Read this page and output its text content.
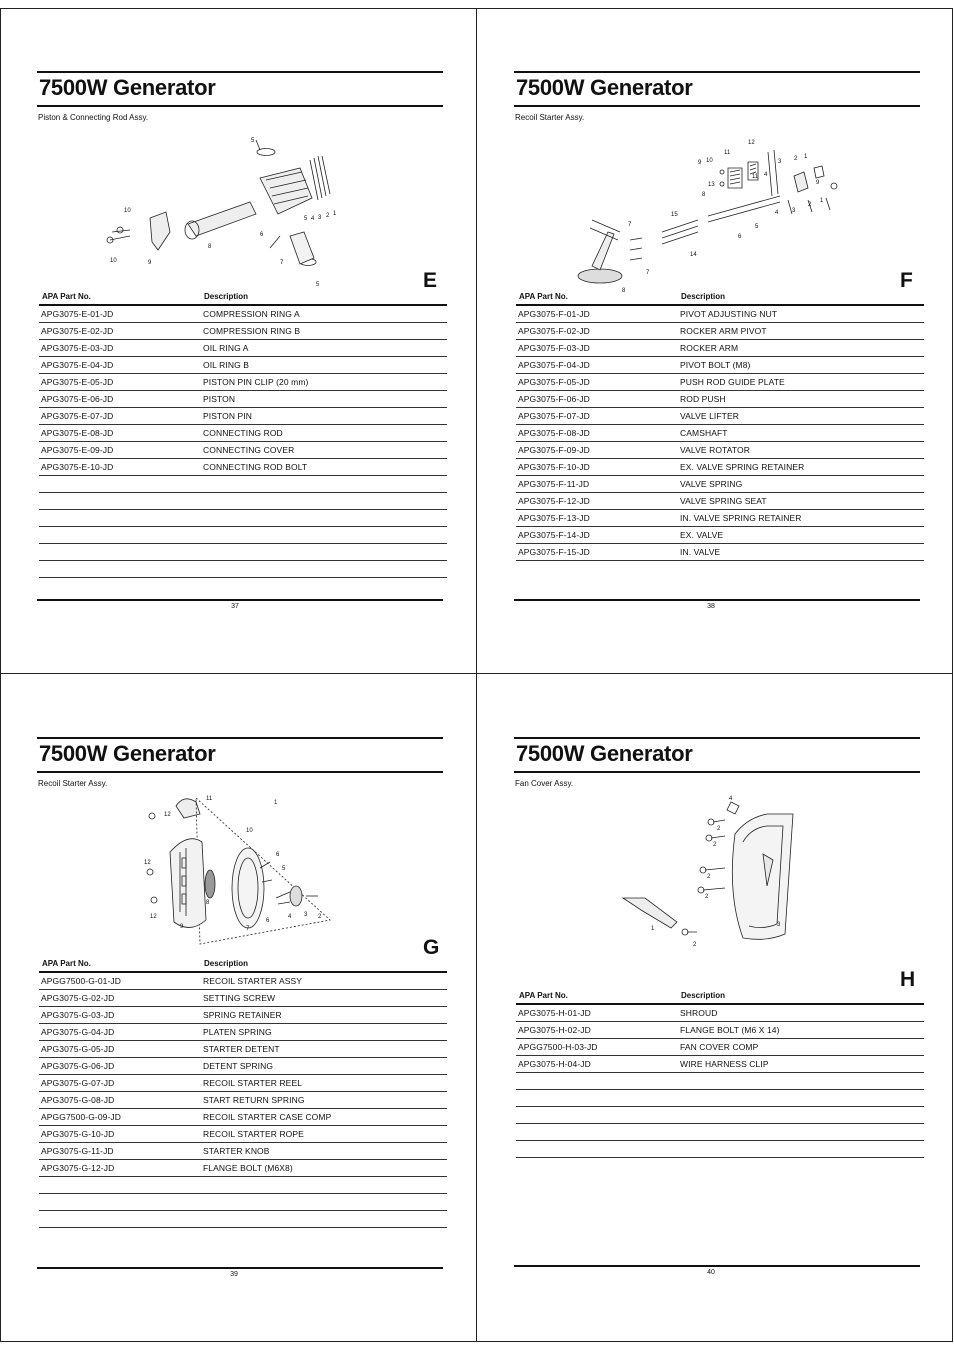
7500W Generator
Piston & Connecting Rod Assy.
5
10
6
5 4 3 2 1
8
9
10	7
5	E
APA Part No.	Description
APG3075-E-01-JD	COMPRESSION RING A
APG3075-E-02-JD	COMPRESSION RING B
APG3075-E-03-JD	OIL RING A
APG3075-E-04-JD	OIL RING B
APG3075-E-05-JD	PISTON PIN CLIP (20 mm)
APG3075-E-06-JD	PISTON
APG3075-E-07-JD	PISTON PIN
APG3075-E-08-JD	CONNECTING ROD
APG3075-E-09-JD	CONNECTING COVER
APG3075-E-10-JD	CONNECTING ROD BOLT
37
7500W Generator
Recoil Starter Assy.
12
10
11
9
13
11
3 2 1
8
4
9
5
4 3
2
1
15
7
6
14
7
8	F
APA Part No.	Description
APG3075-F-01-JD	PIVOT ADJUSTING NUT
APG3075-F-02-JD	ROCKER ARM PIVOT
APG3075-F-03-JD	ROCKER ARM
APG3075-F-04-JD	PIVOT BOLT (M8)
APG3075-F-05-JD	PUSH ROD GUIDE PLATE
APG3075-F-06-JD	ROD PUSH
APG3075-F-07-JD	VALVE LIFTER
APG3075-F-08-JD	CAMSHAFT
APG3075-F-09-JD	VALVE ROTATOR
APG3075-F-10-JD	EX. VALVE SPRING RETAINER
APG3075-F-11-JD	VALVE SPRING
APG3075-F-12-JD	VALVE SPRING SEAT
APG3075-F-13-JD	IN. VALVE SPRING RETAINER
APG3075-F-14-JD	EX. VALVE
APG3075-F-15-JD	IN. VALVE
38
7500W Generator
Recoil Starter Assy.
11
1
12
10
12
6
5
8
4
12
9	7
6
3 2
G
APA Part No.	Description
APGG7500-G-01-JD	RECOIL STARTER ASSY
APG3075-G-02-JD	SETTING SCREW
APG3075-G-03-JD	SPRING RETAINER
APG3075-G-04-JD	PLATEN SPRING
APG3075-G-05-JD	STARTER DETENT
APG3075-G-06-JD	DETENT SPRING
APG3075-G-07-JD	RECOIL STARTER REEL
APG3075-G-08-JD	START RETURN SPRING
APGG7500-G-09-JD	RECOIL STARTER CASE COMP
APG3075-G-10-JD	RECOIL STARTER ROPE
APG3075-G-11-JD	STARTER KNOB
APG3075-G-12-JD	FLANGE BOLT (M6X8)
39
7500W Generator
Fan Cover Assy.
4
2
2
2
2
3
1
2
H
APA Part No.	Description
APG3075-H-01-JD	SHROUD
APG3075-H-02-JD	FLANGE BOLT (M6 X 14)
APGG7500-H-03-JD	FAN COVER COMP
APG3075-H-04-JD	WIRE HARNESS CLIP
40
